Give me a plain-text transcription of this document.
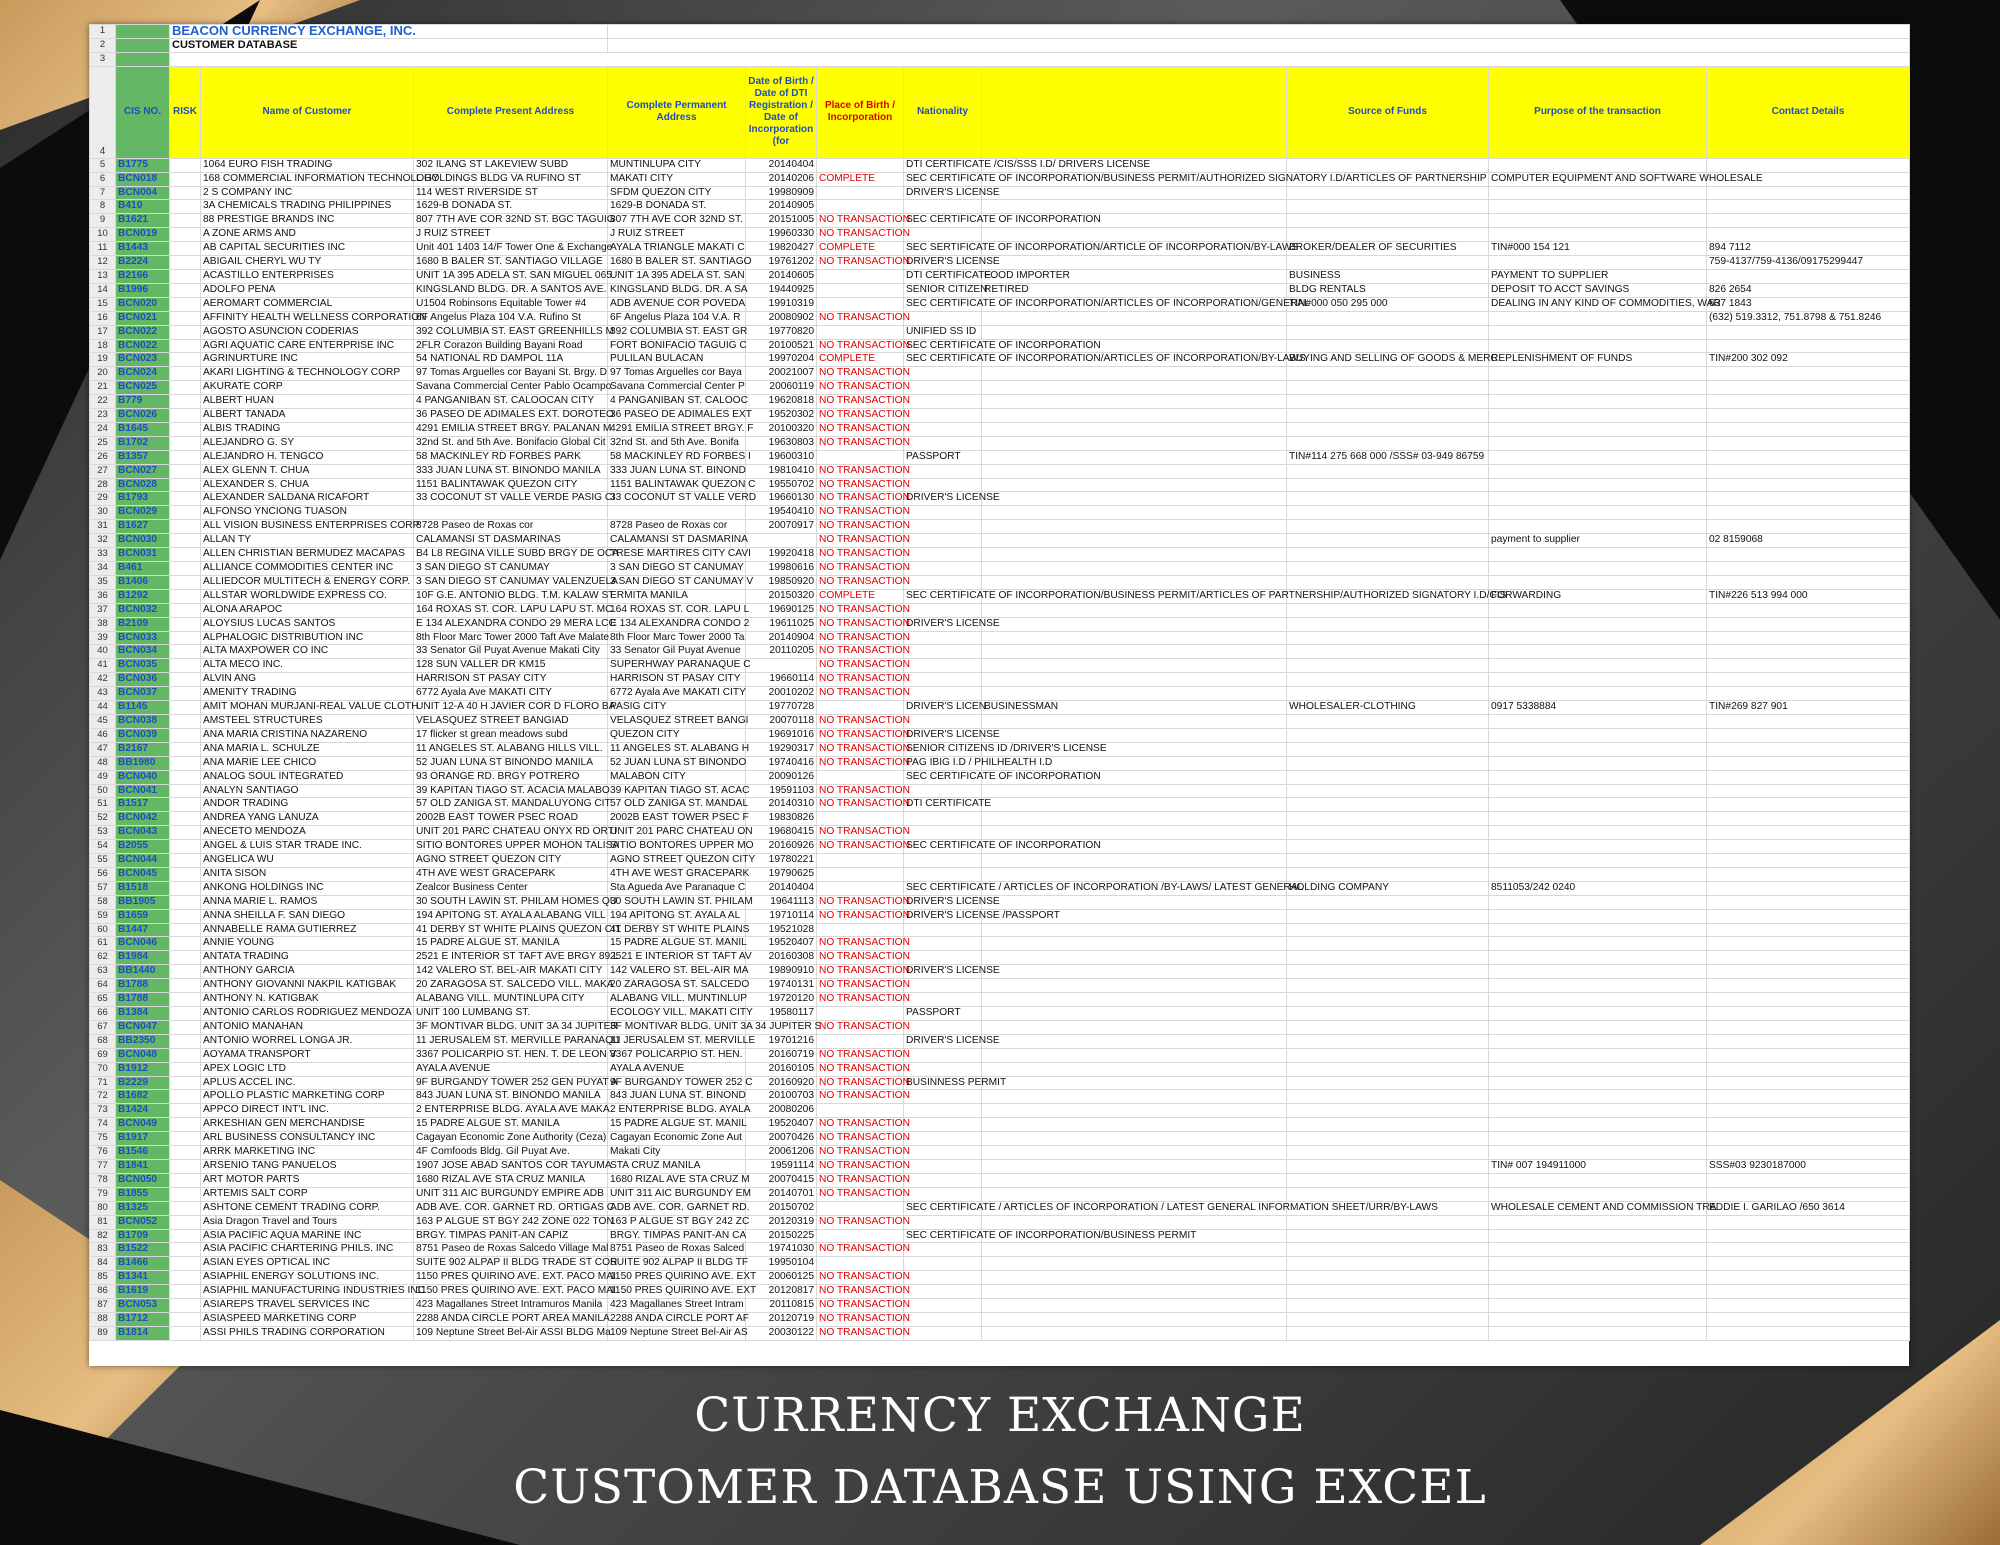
1		BEACON CURRENCY EXCHANGE, INC.										
2		CUSTOMER DATABASE										
3												
4	CIS NO.	RISK	Name of Customer	Complete Present Address	Complete Permanent Address	Date of Birth / Date of DTI Registration / Date of Incorporation (for	Place of Birth / Incorporation	Nationality		Source of Funds	Purpose of the transaction	Contact Details
5	B1775		1064 EURO FISH TRADING	302 ILANG ST LAKEVIEW SUBD	MUNTINLUPA CITY	20140404		DTI CERTIFICATE /CIS/SSS I.D/ DRIVERS LICENSE				
6	BCN018		168 COMMERCIAL INFORMATION TECHNOLOGY	L HOLDINGS BLDG VA RUFINO ST	MAKATI CITY	20140206	COMPLETE	SEC CERTIFICATE OF INCORPORATION/BUSINESS PERMIT/AUTHORIZED SIGNATORY I.D/ARTICLES OF PARTNERSHIP			COMPUTER EQUIPMENT AND SOFTWARE WHOLESALE	
7	BCN004		2 S COMPANY INC	114 WEST RIVERSIDE ST	SFDM QUEZON CITY	19980909		DRIVER'S LICENSE				
8	B410		3A CHEMICALS TRADING PHILIPPINES	1629-B DONADA ST.	1629-B DONADA ST.	20140905						
9	B1621		88 PRESTIGE BRANDS INC	807 7TH AVE COR 32ND ST. BGC TAGUIG	807 7TH AVE COR 32ND ST.	20151005	NO TRANSACTION	SEC CERTIFICATE OF INCORPORATION				
10	BCN019		A ZONE ARMS AND	J RUIZ STREET	J RUIZ STREET	19960330	NO TRANSACTION					
11	B1443		AB CAPITAL SECURITIES INC	Unit 401 1403 14/F Tower One & Exchange	AYALA TRIANGLE MAKATI C	19820427	COMPLETE	SEC SERTIFICATE OF INCORPORATION/ARTICLE OF INCORPORATION/BY-LAWS		BROKER/DEALER OF SECURITIES	TIN#000 154 121	894 7112
12	B2224		ABIGAIL CHERYL WU TY	1680 B BALER ST. SANTIAGO VILLAGE	1680 B BALER ST. SANTIAGO	19761202	NO TRANSACTION	DRIVER'S LICENSE				759-4137/759-4136/09175299447
13	B2166		ACASTILLO ENTERPRISES	UNIT 1A 395 ADELA ST. SAN MIGUEL 065	UNIT 1A 395 ADELA ST. SAN	20140605		DTI CERTIFICATE	FOOD IMPORTER	BUSINESS	PAYMENT TO SUPPLIER	
14	B1996		ADOLFO PENA	KINGSLAND BLDG. DR. A SANTOS AVE.	KINGSLAND BLDG. DR. A SA	19440925		SENIOR CITIZEN	RETIRED	BLDG RENTALS	DEPOSIT TO ACCT SAVINGS	826 2654
15	BCN020		AEROMART COMMERCIAL	U1504 Robinsons Equitable Tower #4	ADB AVENUE COR POVEDA	19910319		SEC CERTIFICATE OF INCORPORATION/ARTICLES OF INCORPORATION/GENERAL		TIN#000 050 295 000	DEALING IN ANY KIND OF COMMODITIES, WAR	637 1843
16	BCN021		AFFINITY HEALTH WELLNESS CORPORATION	6F Angelus Plaza 104 V.A. Rufino St	6F Angelus Plaza 104 V.A. R	20080902	NO TRANSACTION					(632) 519.3312, 751.8798 & 751.8246
17	BCN022		AGOSTO ASUNCION CODERIAS	392 COLUMBIA ST. EAST GREENHILLS M	392 COLUMBIA ST. EAST GR	19770820		UNIFIED SS ID				
18	BCN022		AGRI AQUATIC CARE ENTERPRISE INC	2FLR Corazon Building Bayani Road	FORT BONIFACIO TAGUIG C	20100521	NO TRANSACTION	SEC CERTIFICATE OF INCORPORATION				
19	BCN023		AGRINURTURE INC	54 NATIONAL RD DAMPOL 11A	PULILAN BULACAN	19970204	COMPLETE	SEC CERTIFICATE OF INCORPORATION/ARTICLES OF INCORPORATION/BY-LAWS		BUYING AND SELLING OF GOODS & MERC	REPLENISHMENT OF FUNDS	TIN#200 302 092
20	BCN024		AKARI LIGHTING & TECHNOLOGY CORP	97 Tomas Arguelles cor Bayani St. Brgy. D	97 Tomas Arguelles cor Baya	20021007	NO TRANSACTION					
21	BCN025		AKURATE CORP	Savana Commercial Center Pablo Ocampo	Savana Commercial Center P	20060119	NO TRANSACTION					
22	B779		ALBERT HUAN	4 PANGANIBAN ST. CALOOCAN CITY	4 PANGANIBAN ST. CALOOC	19620818	NO TRANSACTION					
23	BCN026		ALBERT TANADA	36 PASEO DE ADIMALES EXT. DOROTEO	36 PASEO DE ADIMALES EXT	19520302	NO TRANSACTION					
24	B1645		ALBIS TRADING	4291 EMILIA STREET BRGY. PALANAN M	4291 EMILIA STREET BRGY. F	20100320	NO TRANSACTION					
25	B1702		ALEJANDRO G. SY	32nd St. and 5th Ave. Bonifacio Global Cit	32nd St. and 5th Ave. Bonifa	19630803	NO TRANSACTION					
26	B1357		ALEJANDRO H. TENGCO	58 MACKINLEY RD FORBES PARK	58 MACKINLEY RD FORBES I	19600310		PASSPORT		TIN#114 275 668 000 /SSS# 03-949 86759		
27	BCN027		ALEX GLENN T. CHUA	333 JUAN LUNA ST. BINONDO MANILA	333 JUAN LUNA ST. BINOND	19810410	NO TRANSACTION					
28	BCN028		ALEXANDER S. CHUA	1151 BALINTAWAK QUEZON CITY	1151 BALINTAWAK QUEZON C	19550702	NO TRANSACTION					
29	B1793		ALEXANDER SALDANA RICAFORT	33 COCONUT ST VALLE VERDE PASIG CI	33 COCONUT ST VALLE VERD	19660130	NO TRANSACTION	DRIVER'S LICENSE				
30	BCN029		ALFONSO YNCIONG TUASON			19540410	NO TRANSACTION					
31	B1627		ALL VISION BUSINESS ENTERPRISES CORP	8728 Paseo de Roxas cor	8728 Paseo de Roxas cor	20070917	NO TRANSACTION					
32	BCN030		ALLAN TY	CALAMANSI ST DASMARINAS	CALAMANSI ST DASMARINA		NO TRANSACTION				payment to supplier	02 8159068
33	BCN031		ALLEN CHRISTIAN BERMUDEZ MACAPAS	B4 L8 REGINA VILLE SUBD BRGY DE OCA	TRESE MARTIRES CITY CAVI	19920418	NO TRANSACTION					
34	B461		ALLIANCE COMMODITIES CENTER INC	3 SAN DIEGO ST CANUMAY	3 SAN DIEGO ST CANUMAY	19980616	NO TRANSACTION					
35	B1406		ALLIEDCOR MULTITECH & ENERGY CORP.	3 SAN DIEGO ST CANUMAY VALENZUELA	3 SAN DIEGO ST CANUMAY V	19850920	NO TRANSACTION					
36	B1292		ALLSTAR WORLDWIDE EXPRESS CO.	10F G.E. ANTONIO BLDG. T.M. KALAW ST	ERMITA MANILA	20150320	COMPLETE	SEC CERTIFICATE OF INCORPORATION/BUSINESS PERMIT/ARTICLES OF PARTNERSHIP/AUTHORIZED SIGNATORY I.D/CIS			FORWARDING	TIN#226 513 994 000
37	BCN032		ALONA ARAPOC	164 ROXAS ST. COR. LAPU LAPU ST. MC	164 ROXAS ST. COR. LAPU L	19690125	NO TRANSACTION					
38	B2109		ALOYSIUS LUCAS SANTOS	E 134 ALEXANDRA CONDO 29 MERA LCC	E 134 ALEXANDRA CONDO 2	19611025	NO TRANSACTION	DRIVER'S LICENSE				
39	BCN033		ALPHALOGIC DISTRIBUTION INC	8th Floor Marc Tower 2000 Taft Ave Malate	8th Floor Marc Tower 2000 Ta	20140904	NO TRANSACTION					
40	BCN034		ALTA MAXPOWER CO INC	33 Senator Gil Puyat Avenue Makati City	33 Senator Gil Puyat Avenue	20110205	NO TRANSACTION					
41	BCN035		ALTA MECO INC.	128 SUN VALLER DR KM15	SUPERHWAY PARANAQUE C		NO TRANSACTION					
42	BCN036		ALVIN ANG	HARRISON ST PASAY CITY	HARRISON ST PASAY CITY	19660114	NO TRANSACTION					
43	BCN037		AMENITY TRADING	6772 Ayala Ave MAKATI CITY	6772 Ayala Ave MAKATI CITY	20010202	NO TRANSACTION					
44	B1145		AMIT MOHAN MURJANI-REAL VALUE CLOTH	UNIT 12-A 40 H JAVIER COR D FLORO BA	PASIG CITY	19770728		DRIVER'S LICEN	BUSINESSMAN	WHOLESALER-CLOTHING	0917 5338884	TIN#269 827 901
45	BCN038		AMSTEEL STRUCTURES	VELASQUEZ STREET BANGIAD	VELASQUEZ STREET BANGI	20070118	NO TRANSACTION					
46	BCN039		ANA MARIA CRISTINA NAZARENO	17 flicker st grean meadows subd	QUEZON CITY	19691016	NO TRANSACTION	DRIVER'S LICENSE				
47	B2167		ANA MARIA L. SCHULZE	11 ANGELES ST. ALABANG HILLS VILL.	11 ANGELES ST. ALABANG H	19290317	NO TRANSACTION	SENIOR CITIZENS ID /DRIVER'S LICENSE				
48	BB1980		ANA MARIE LEE CHICO	52 JUAN LUNA ST BINONDO MANILA	52 JUAN LUNA ST BINONDO	19740416	NO TRANSACTION	PAG IBIG I.D / PHILHEALTH I.D				
49	BCN040		ANALOG SOUL INTEGRATED	93 ORANGE RD. BRGY POTRERO	MALABON CITY	20090126		SEC CERTIFICATE OF INCORPORATION				
50	BCN041		ANALYN SANTIAGO	39 KAPITAN TIAGO ST. ACACIA MALABO	39 KAPITAN TIAGO ST. ACAC	19591103	NO TRANSACTION					
51	B1517		ANDOR TRADING	57 OLD ZANIGA ST. MANDALUYONG CIT	57 OLD ZANIGA ST. MANDAL	20140310	NO TRANSACTION	DTI CERTIFICATE				
52	BCN042		ANDREA YANG LANUZA	2002B EAST TOWER PSEC ROAD	2002B EAST TOWER PSEC F	19830826						
53	BCN043		ANECETO MENDOZA	UNIT 201 PARC CHATEAU ONYX RD ORTI	UNIT 201 PARC CHATEAU ON	19680415	NO TRANSACTION					
54	B2055		ANGEL & LUIS STAR TRADE INC.	SITIO BONTORES UPPER MOHON TALISA	SITIO BONTORES UPPER MO	20160926	NO TRANSACTION	SEC CERTIFICATE OF INCORPORATION				
55	BCN044		ANGELICA WU	AGNO STREET QUEZON CITY	AGNO STREET QUEZON CITY	19780221						
56	BCN045		ANITA SISON	4TH AVE WEST GRACEPARK	4TH AVE WEST GRACEPARK	19790625						
57	B1518		ANKONG HOLDINGS INC	Zealcor Business Center	Sta Agueda Ave Paranaque C	20140404		SEC CERTIFICATE / ARTICLES OF INCORPORATION /BY-LAWS/ LATEST GENERAL		HOLDING COMPANY	8511053/242 0240	
58	BB1905		ANNA MARIE L. RAMOS	30 SOUTH LAWIN ST. PHILAM HOMES QU	30 SOUTH LAWIN ST. PHILAM	19641113	NO TRANSACTION	DRIVER'S LICENSE				
59	B1659		ANNA SHEILLA F. SAN DIEGO	194 APITONG ST. AYALA ALABANG VILL	194 APITONG ST. AYALA AL	19710114	NO TRANSACTION	DRIVER'S LICENSE /PASSPORT				
60	B1447		ANNABELLE RAMA GUTIERREZ	41 DERBY ST WHITE PLAINS QUEZON CIT	41 DERBY ST WHITE PLAINS	19521028						
61	BCN046		ANNIE YOUNG	15 PADRE ALGUE ST. MANILA	15 PADRE ALGUE ST. MANIL	19520407	NO TRANSACTION					
62	B1984		ANTATA TRADING	2521 E INTERIOR ST TAFT AVE BRGY 89 L	2521 E INTERIOR ST TAFT AV	20160308	NO TRANSACTION					
63	BB1440		ANTHONY GARCIA	142 VALERO ST. BEL-AIR MAKATI CITY	142 VALERO ST. BEL-AIR MA	19890910	NO TRANSACTION	DRIVER'S LICENSE				
64	B1788		ANTHONY GIOVANNI NAKPIL KATIGBAK	20 ZARAGOSA ST. SALCEDO VILL. MAKA	20 ZARAGOSA ST. SALCEDO	19740131	NO TRANSACTION					
65	B1788		ANTHONY N. KATIGBAK	ALABANG VILL. MUNTINLUPA CITY	ALABANG VILL. MUNTINLUP	19720120	NO TRANSACTION					
66	B1384		ANTONIO CARLOS RODRIGUEZ MENDOZA	UNIT 100 LUMBANG ST.	ECOLOGY VILL. MAKATI CITY	19580117		PASSPORT				
67	BCN047		ANTONIO MANAHAN	3F MONTIVAR BLDG. UNIT 3A 34 JUPITER	3F MONTIVAR BLDG. UNIT 3A 34 JUPITER S		NO TRANSACTION					
68	BB2350		ANTONIO WORREL LONGA JR.	11 JERUSALEM ST. MERVILLE PARANAQU	11 JERUSALEM ST. MERVILLE	19701216		DRIVER'S LICENSE				
69	BCN048		AOYAMA TRANSPORT	3367 POLICARPIO ST. HEN. T. DE LEON V	3367 POLICARPIO ST. HEN.	20160719	NO TRANSACTION					
70	B1912		APEX LOGIC LTD	AYALA AVENUE	AYALA AVENUE	20160105	NO TRANSACTION					
71	B2229		APLUS ACCEL INC.	9F BURGANDY TOWER 252 GEN PUYAT A	9F BURGANDY TOWER 252 C	20160920	NO TRANSACTION	BUSINNESS PERMIT				
72	B1682		APOLLO PLASTIC MARKETING CORP	843 JUAN LUNA ST. BINONDO MANILA	843 JUAN LUNA ST. BINOND	20100703	NO TRANSACTION					
73	B1424		APPCO DIRECT INT'L INC.	2 ENTERPRISE BLDG. AYALA AVE MAKA	2 ENTERPRISE BLDG. AYALA	20080206						
74	BCN049		ARKESHIAN GEN MERCHANDISE	15 PADRE ALGUE ST. MANILA	15 PADRE ALGUE ST. MANIL	19520407	NO TRANSACTION					
75	B1917		ARL BUSINESS CONSULTANCY INC	Cagayan Economic Zone Authority (Ceza)	Cagayan Economic Zone Aut	20070426	NO TRANSACTION					
76	B1546		ARRK MARKETING INC	4F Comfoods Bldg. Gil Puyat Ave.	Makati City	20061206	NO TRANSACTION					
77	B1841		ARSENIO TANG PANUELOS	1907 JOSE ABAD SANTOS COR TAYUMA	STA CRUZ MANILA	19591114	NO TRANSACTION				TIN# 007 194911000	SSS#03 9230187000
78	BCN050		ART MOTOR PARTS	1680 RIZAL AVE STA CRUZ MANILA	1680 RIZAL AVE STA CRUZ M	20070415	NO TRANSACTION					
79	B1855		ARTEMIS SALT CORP	UNIT 311 AIC BURGUNDY EMPIRE ADB	UNIT 311 AIC BURGUNDY EM	20140701	NO TRANSACTION					
80	B1325		ASHTONE CEMENT TRADING CORP.	ADB AVE. COR. GARNET RD. ORTIGAS C	ADB AVE. COR. GARNET RD.	20150702		SEC CERTIFICATE / ARTICLES OF INCORPORATION / LATEST GENERAL INFORMATION SHEET/URR/BY-LAWS			WHOLESALE CEMENT AND COMMISSION TRA	EDDIE I. GARILAO /650 3614
81	BCN052		Asia Dragon Travel and Tours	163 P ALGUE ST BGY 242 ZONE 022 TON	163 P ALGUE ST BGY 242 ZC	20120319	NO TRANSACTION					
82	B1709		ASIA PACIFIC AQUA MARINE INC	BRGY. TIMPAS PANIT-AN CAPIZ	BRGY. TIMPAS PANIT-AN CA	20150225		SEC CERTIFICATE OF INCORPORATION/BUSINESS PERMIT				
83	B1522		ASIA PACIFIC CHARTERING PHILS. INC	8751 Paseo de Roxas Salcedo Village Mal	8751 Paseo de Roxas Salced	19741030	NO TRANSACTION					
84	B1466		ASIAN EYES OPTICAL INC	SUITE 902 ALPAP II BLDG TRADE ST COR	SUITE 902 ALPAP II BLDG TF	19950104						
85	B1341		ASIAPHIL ENERGY SOLUTIONS INC.	1150 PRES QUIRINO AVE. EXT. PACO MAI	1150 PRES QUIRINO AVE. EXT	20060125	NO TRANSACTION					
86	B1619		ASIAPHIL MANUFACTURING INDUSTRIES INC	1150 PRES QUIRINO AVE. EXT. PACO MAI	1150 PRES QUIRINO AVE. EXT	20120817	NO TRANSACTION					
87	BCN053		ASIAREPS TRAVEL SERVICES INC	423 Magallanes Street Intramuros Manila	423 Magallanes Street Intram	20110815	NO TRANSACTION					
88	B1712		ASIASPEED MARKETING CORP	2288 ANDA CIRCLE PORT AREA MANILA	2288 ANDA CIRCLE PORT AF	20120719	NO TRANSACTION					
89	B1814		ASSI PHILS TRADING CORPORATION	109 Neptune Street Bel-Air ASSI BLDG Ma	109 Neptune Street Bel-Air AS	20030122	NO TRANSACTION					
CURRENCY EXCHANGE
CUSTOMER DATABASE USING EXCEL
